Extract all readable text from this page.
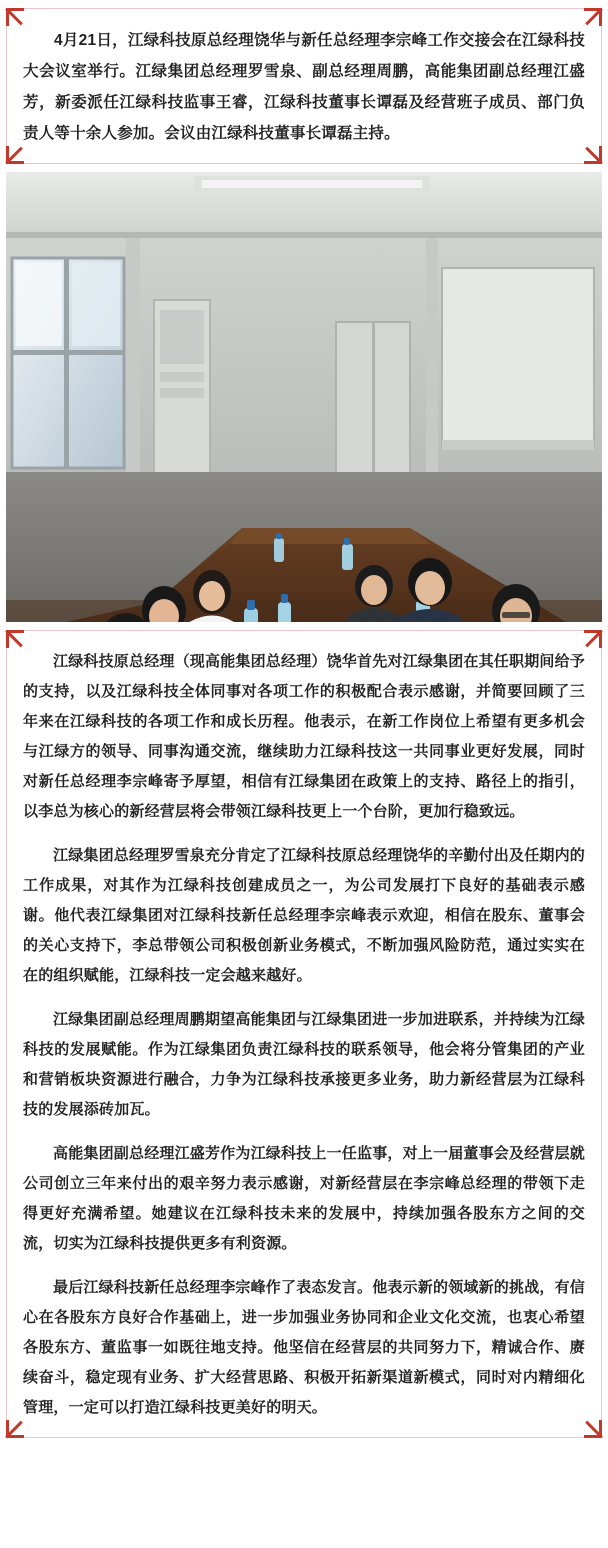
4月21日，江绿科技原总经理饶华与新任总经理李宗峰工作交接会在江绿科技大会议室举行。江绿集团总经理罗雪泉、副总经理周鹏，高能集团副总经理江盛芳，新委派任江绿科技监事王睿，江绿科技董事长谭磊及经营班子成员、部门负责人等十余人参加。会议由江绿科技董事长谭磊主持。

江绿科技原总经理（现高能集团总经理）饶华首先对江绿集团在其任职期间给予的支持，以及江绿科技全体同事对各项工作的积极配合表示感谢，并简要回顾了三年来在江绿科技的各项工作和成长历程。他表示，在新工作岗位上希望有更多机会与江绿方的领导、同事沟通交流，继续助力江绿科技这一共同事业更好发展，同时对新任总经理李宗峰寄予厚望，相信有江绿集团在政策上的支持、路径上的指引，以李总为核心的新经营层将会带领江绿科技更上一个台阶，更加行稳致远。

江绿集团总经理罗雪泉充分肯定了江绿科技原总经理饶华的辛勤付出及任期内的工作成果，对其作为江绿科技创建成员之一，为公司发展打下良好的基础表示感谢。他代表江绿集团对江绿科技新任总经理李宗峰表示欢迎，相信在股东、董事会的关心支持下，李总带领公司积极创新业务模式，不断加强风险防范，通过实实在在的组织赋能，江绿科技一定会越来越好。

江绿集团副总经理周鹏期望高能集团与江绿集团进一步加进联系，并持续为江绿科技的发展赋能。作为江绿集团负责江绿科技的联系领导，他会将分管集团的产业和营销板块资源进行融合，力争为江绿科技承接更多业务，助力新经营层为江绿科技的发展添砖加瓦。

高能集团副总经理江盛芳作为江绿科技上一任监事，对上一届董事会及经营层就公司创立三年来付出的艰辛努力表示感谢，对新经营层在李宗峰总经理的带领下走得更好充满希望。她建议在江绿科技未来的发展中，持续加强各股东方之间的交流，切实为江绿科技提供更多有利资源。

最后江绿科技新任总经理李宗峰作了表态发言。他表示新的领域新的挑战，有信心在各股东方良好合作基础上，进一步加强业务协同和企业文化交流，也衷心希望各股东方、董监事一如既往地支持。他坚信在经营层的共同努力下，精诚合作、赓续奋斗，稳定现有业务、扩大经营思路、积极开拓新渠道新模式，同时对内精细化管理，一定可以打造江绿科技更美好的明天。
